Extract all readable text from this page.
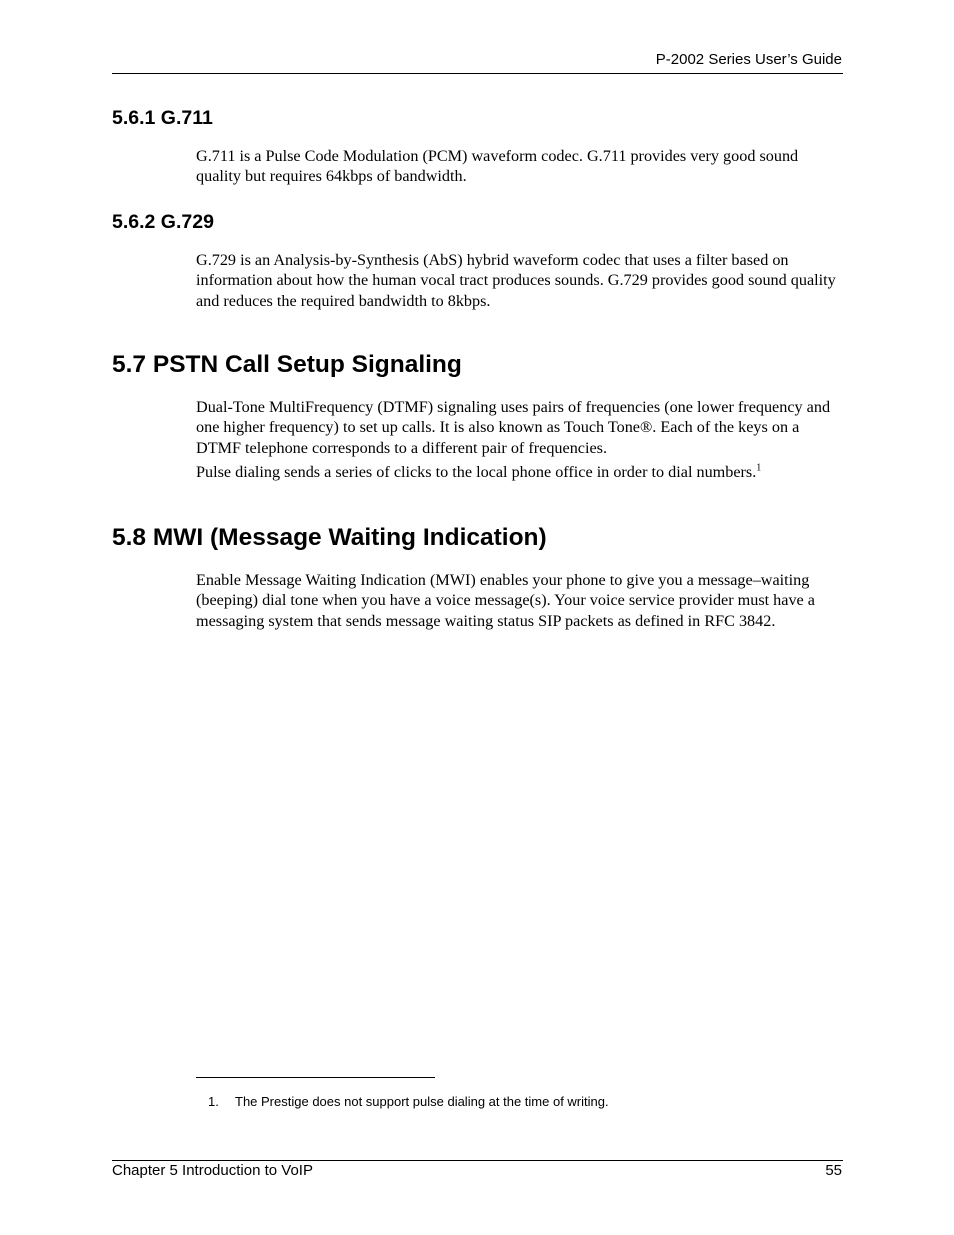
P-2002 Series User’s Guide
5.6.1 G.711

G.711 is a Pulse Code Modulation (PCM) waveform codec. G.711 provides very good sound quality but requires 64kbps of bandwidth.

5.6.2 G.729

G.729 is an Analysis-by-Synthesis (AbS) hybrid waveform codec that uses a filter based on information about how the human vocal tract produces sounds. G.729 provides good sound quality and reduces the required bandwidth to 8kbps.

5.7 PSTN Call Setup Signaling

Dual-Tone MultiFrequency (DTMF) signaling uses pairs of frequencies (one lower frequency and one higher frequency) to set up calls. It is also known as Touch Tone®. Each of the keys on a DTMF telephone corresponds to a different pair of frequencies.

Pulse dialing sends a series of clicks to the local phone office in order to dial numbers.$^1$

5.8 MWI (Message Waiting Indication)

Enable Message Waiting Indication (MWI) enables your phone to give you a message–waiting (beeping) dial tone when you have a voice message(s). Your voice service provider must have a messaging system that sends message waiting status SIP packets as defined in RFC 3842.

1. The Prestige does not support pulse dialing at the time of writing.
Chapter 5 Introduction to VoIP	55
